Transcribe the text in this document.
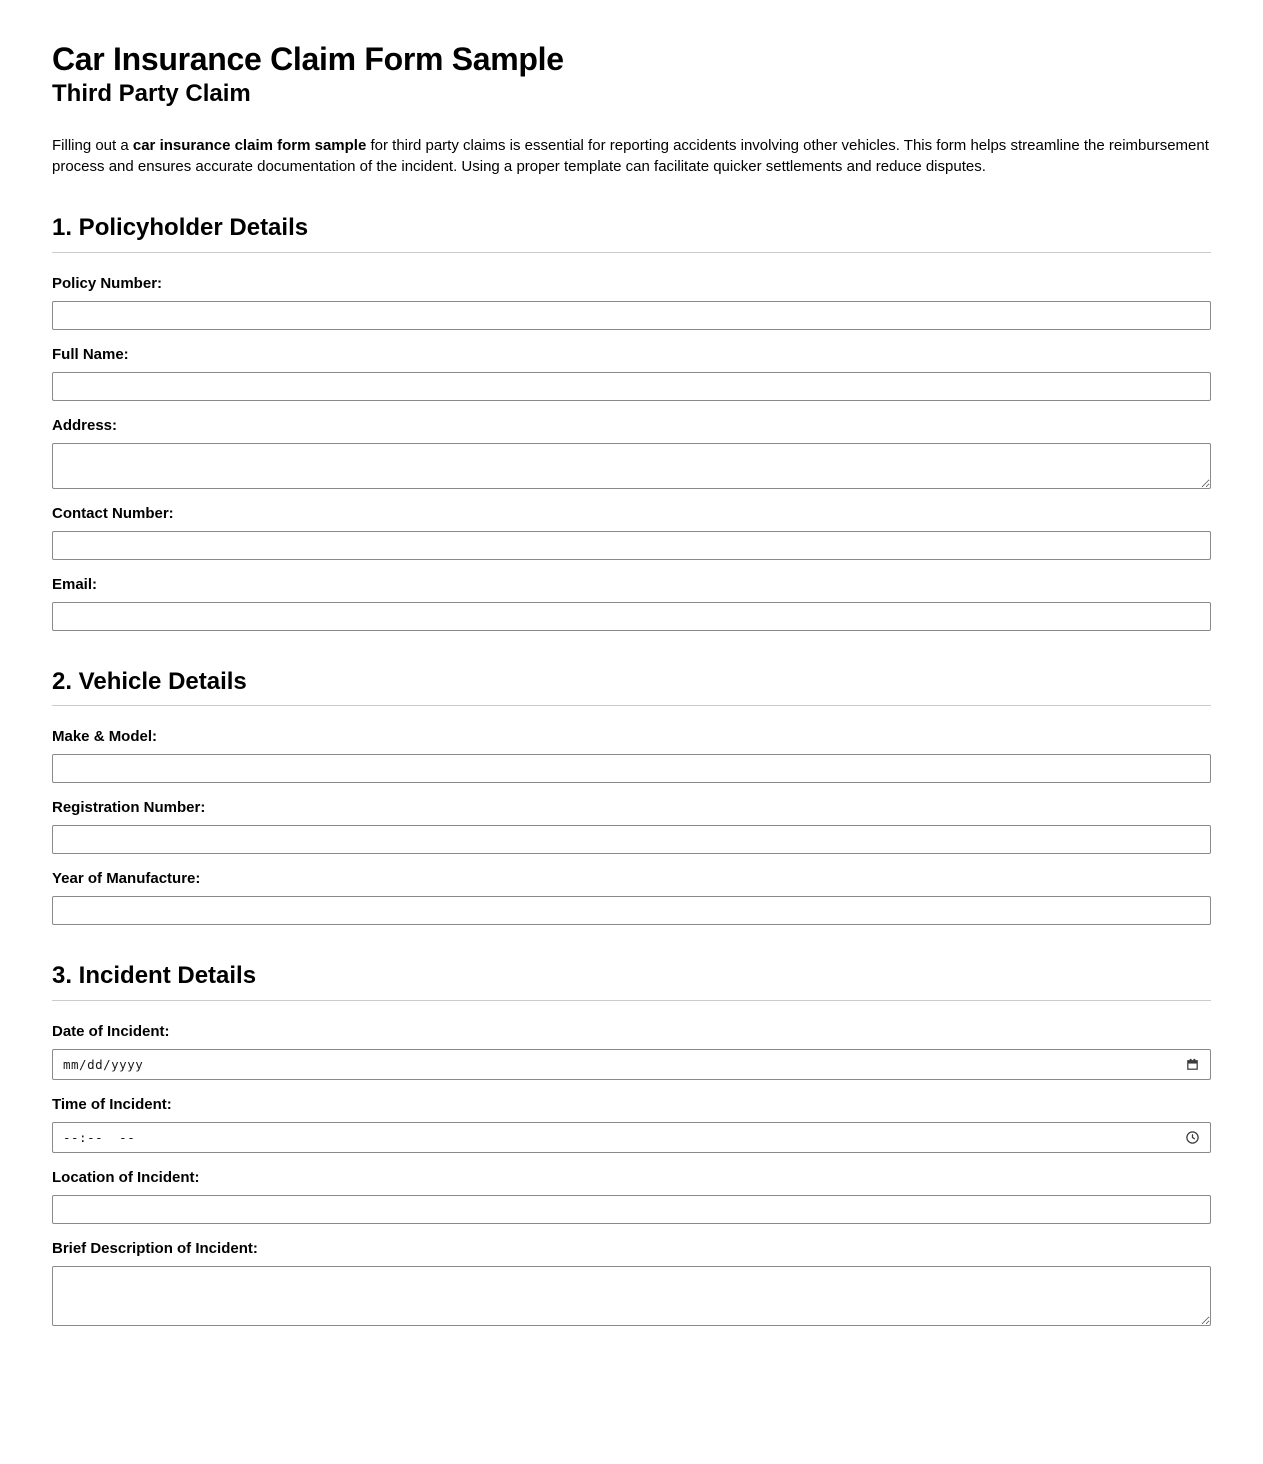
Car Insurance Claim Form Sample
Third Party Claim

Filling out a car insurance claim form sample for third party claims is essential for reporting accidents involving other vehicles. This form helps streamline the reimbursement process and ensures accurate documentation of the incident. Using a proper template can facilitate quicker settlements and reduce disputes.

1. Policyholder Details
Policy Number:
Full Name:
Address:
Contact Number:
Email:
2. Vehicle Details
Make & Model:
Registration Number:
Year of Manufacture:
3. Incident Details
Date of Incident:
mm/dd/yyyy
Time of Incident:
--:--  --
Location of Incident:
Brief Description of Incident:
